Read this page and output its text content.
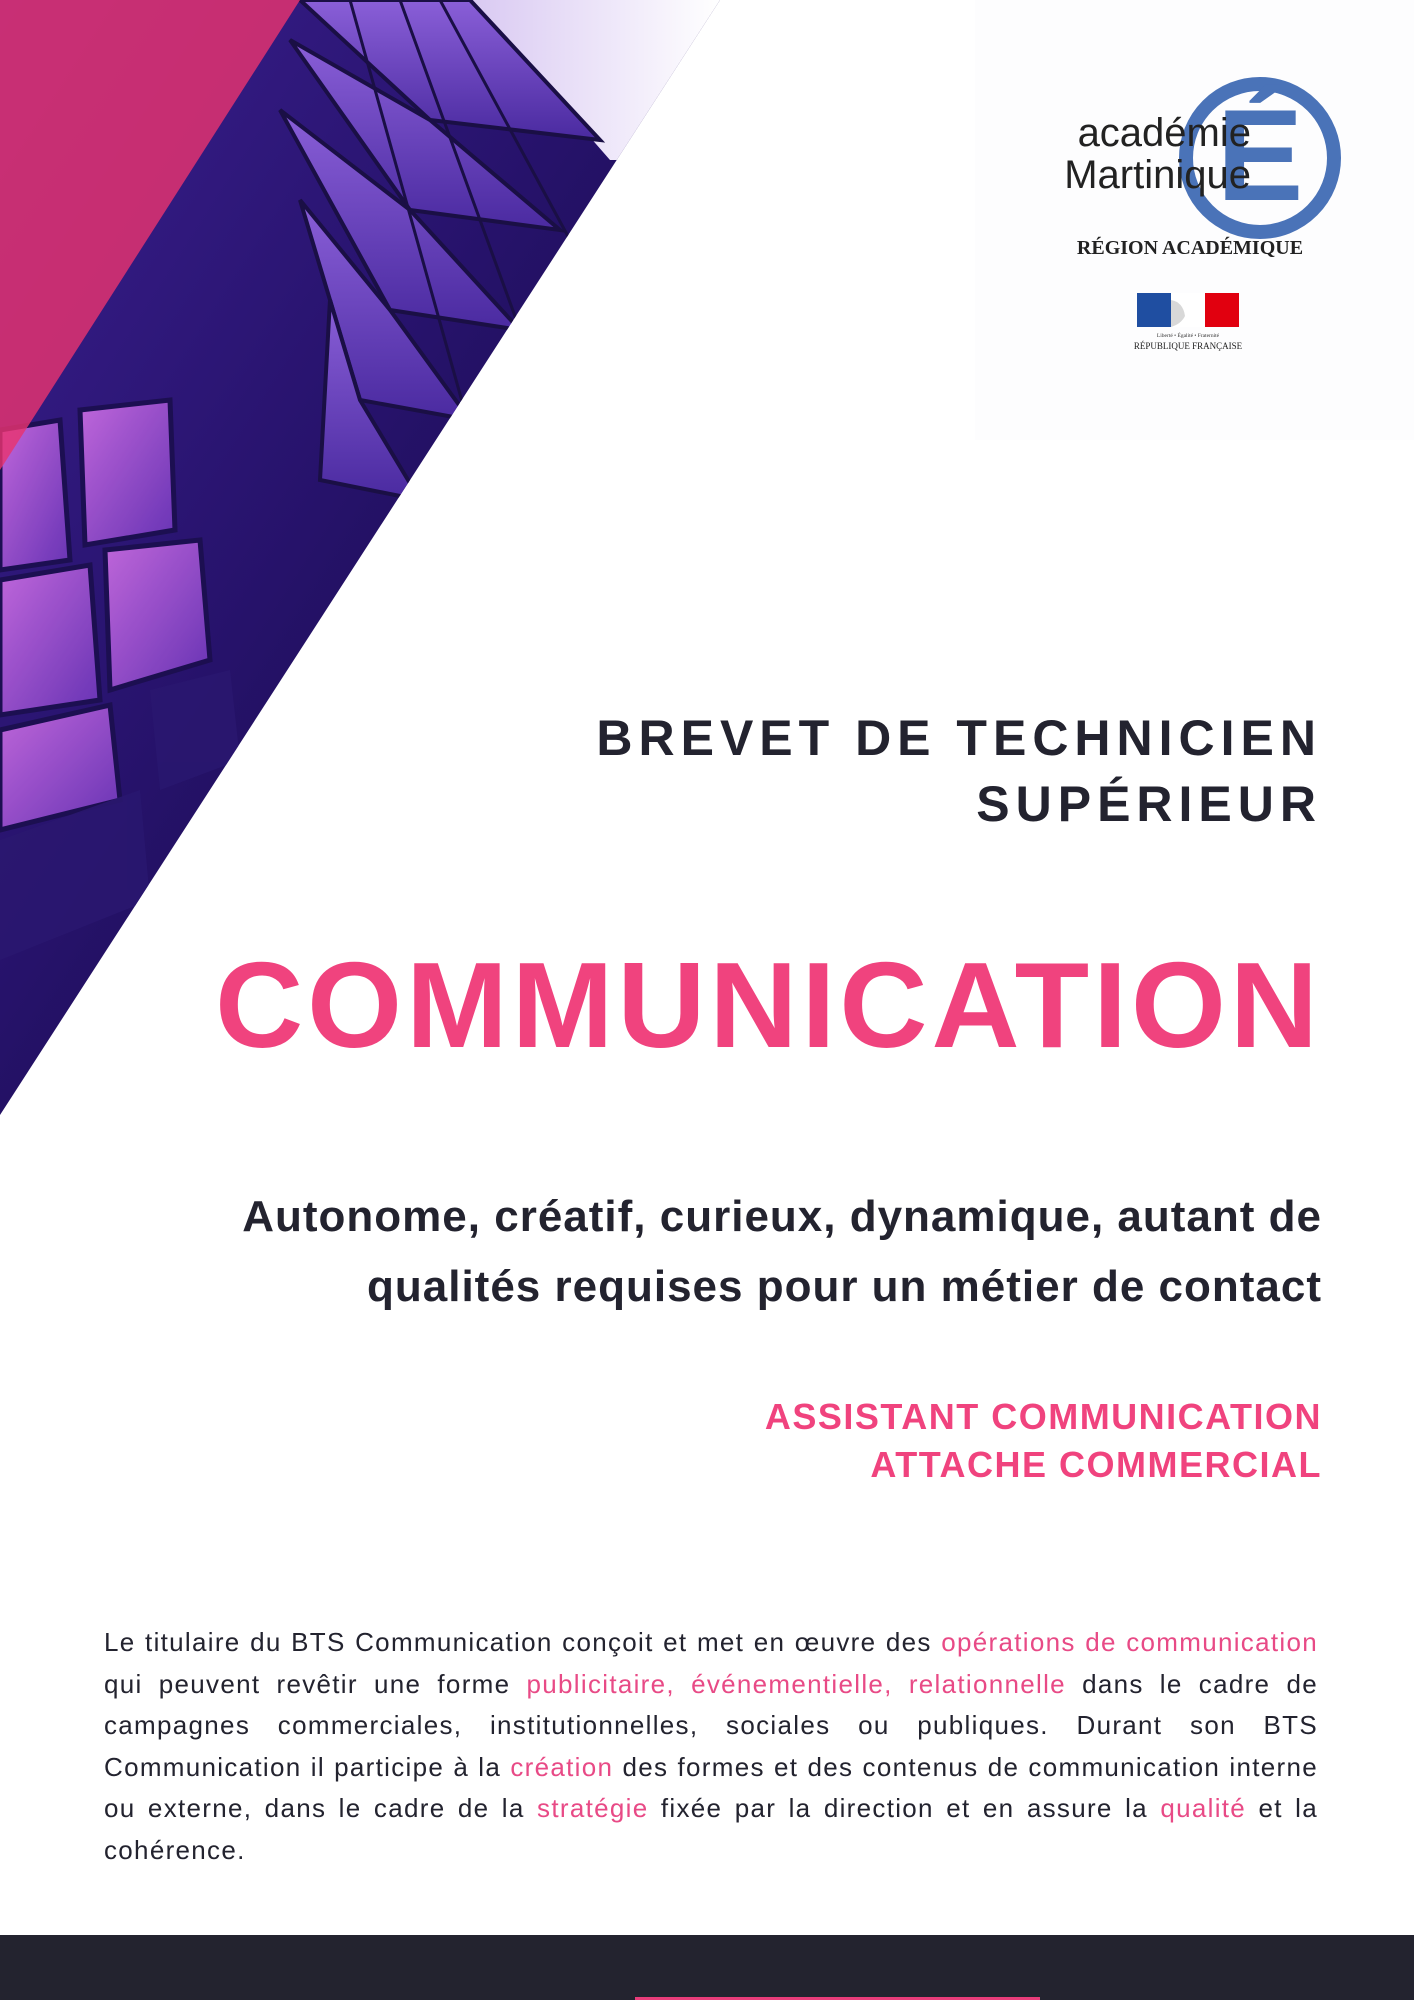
É
académie
Martinique
RÉGION ACADÉMIQUE
Liberté • Égalité • Fraternité
RÉPUBLIQUE FRANÇAISE
BREVET DE TECHNICIEN
SUPÉRIEUR
COMMUNICATION
Autonome, créatif, curieux, dynamique, autant de
qualités requises pour un métier de contact
ASSISTANT COMMUNICATION
ATTACHE COMMERCIAL

Le titulaire du BTS Communication conçoit et met en œuvre des opérations de communication qui peuvent revêtir une forme publicitaire, événementielle, relationnelle dans le cadre de campagnes commerciales, institutionnelles, sociales ou publiques. Durant son BTS Communication il participe à la création des formes et des contenus de communication interne ou externe, dans le cadre de la stratégie fixée par la direction et en assure la qualité et la cohérence.
